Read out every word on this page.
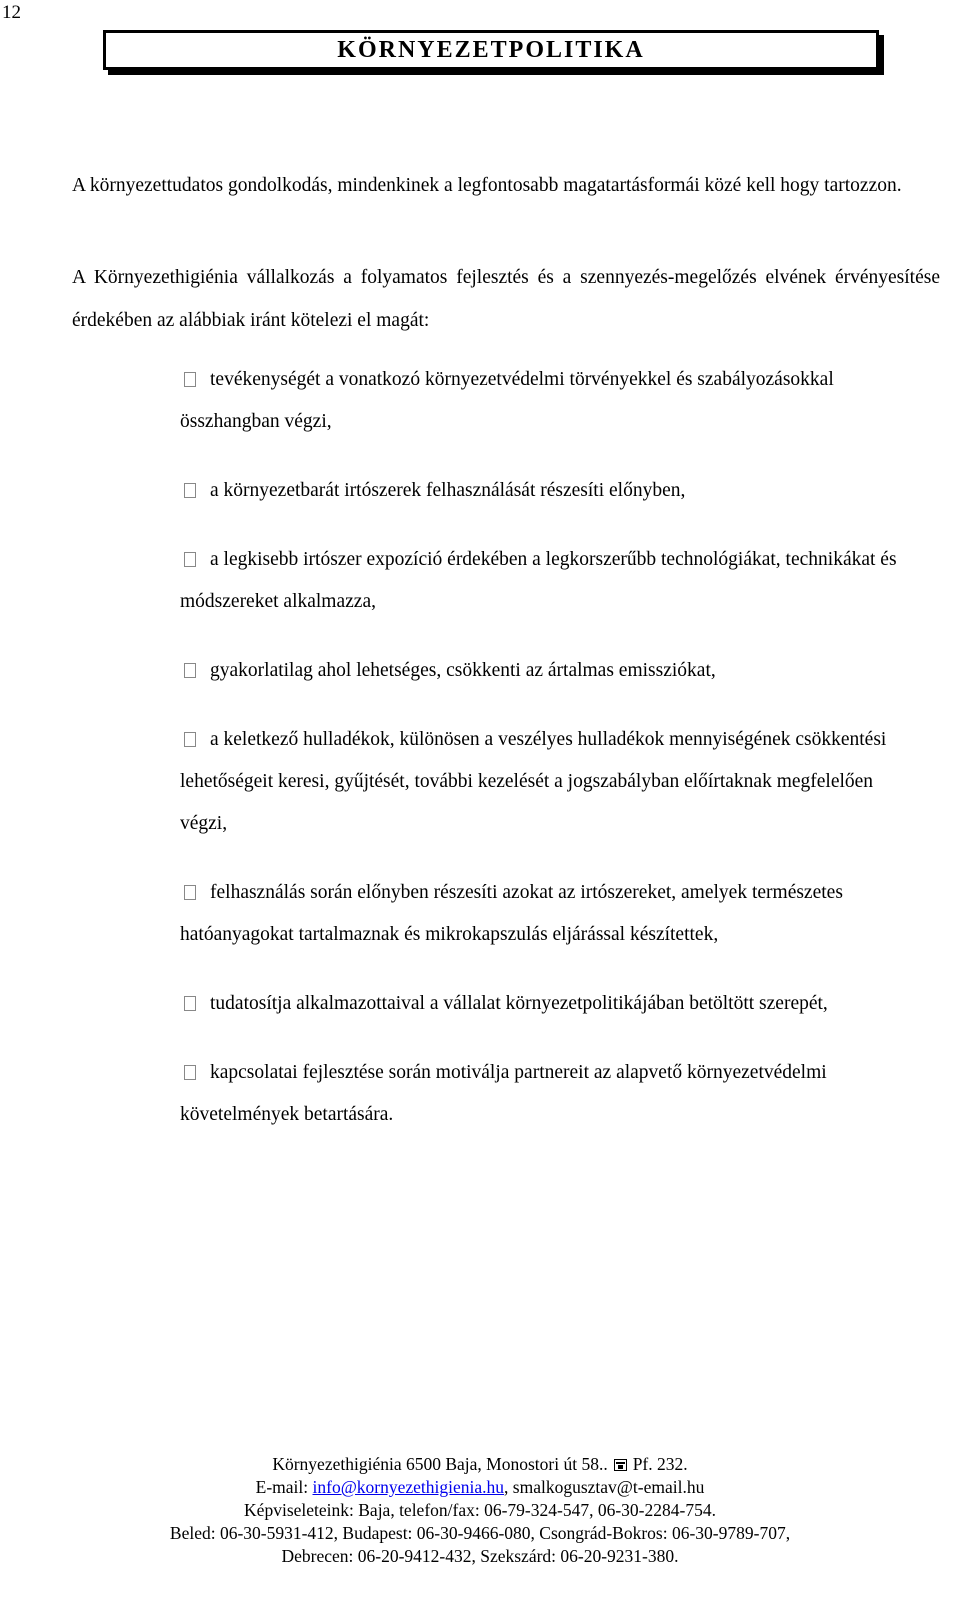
12
KÖRNYEZETPOLITIKA

A környezettudatos gondolkodás, mindenkinek a legfontosabb magatartásformái közé kell hogy tartozzon.

A Környezethigiénia vállalkozás a folyamatos fejlesztés és a szennyezés-megelőzés elvének érvényesítése érdekében az alábbiak iránt kötelezi el magát:

tevékenységét a vonatkozó környezetvédelmi törvényekkel és szabályozásokkal összhangban végzi,
a környezetbarát irtószerek felhasználását részesíti előnyben,
a legkisebb irtószer expozíció érdekében a legkorszerűbb technológiákat, technikákat és módszereket alkalmazza,
gyakorlatilag ahol lehetséges, csökkenti az ártalmas emissziókat,
a keletkező hulladékok, különösen a veszélyes hulladékok mennyiségének csökkentési lehetőségeit keresi, gyűjtését, további kezelését a jogszabályban előírtaknak megfelelően végzi,
felhasználás során előnyben részesíti azokat az irtószereket, amelyek természetes hatóanyagokat tartalmaznak és mikrokapszulás eljárással készítettek,
tudatosítja alkalmazottaival a vállalat környezetpolitikájában betöltött szerepét,
kapcsolatai fejlesztése során motiválja partnereit az alapvető környezetvédelmi követelmények betartására.
Környezethigiénia 6500 Baja, Monostori út 58.. Pf. 232.
E-mail: info@kornyezethigienia.hu, smalkogusztav@t-email.hu
Képviseleteink: Baja, telefon/fax: 06-79-324-547, 06-30-2284-754.
Beled: 06-30-5931-412, Budapest: 06-30-9466-080, Csongrád-Bokros: 06-30-9789-707,
Debrecen: 06-20-9412-432, Szekszárd: 06-20-9231-380.
